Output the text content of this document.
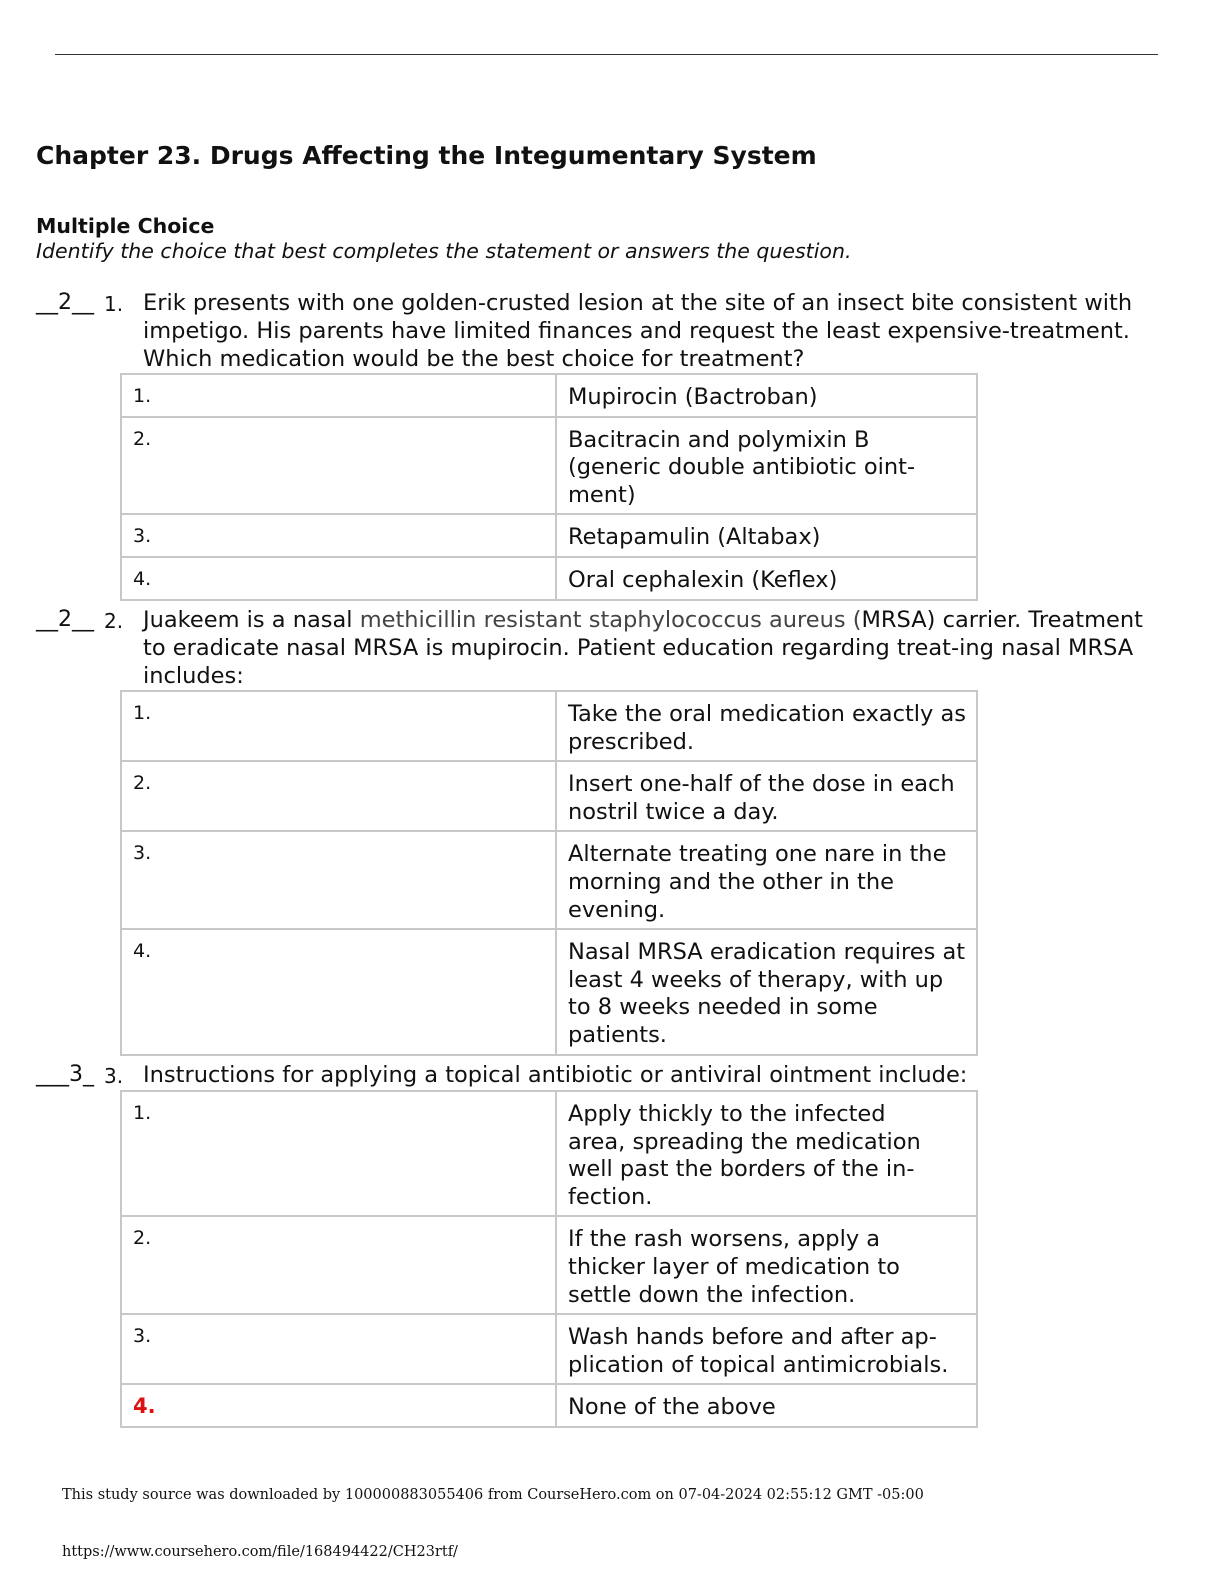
Chapter 23. Drugs Affecting the Integumentary System
Multiple Choice
Identify the choice that best completes the statement or answers the question.
__2__ 1. Erik presents with one golden-crusted lesion at the site of an insect bite consistent with impetigo. His parents have limited finances and request the least expensive-treatment. Which medication would be the best choice for treatment?
1.	Mupirocin (Bactroban)

2.	Bacitracin and polymixin B (generic double antibiotic oint-ment)

3.	Retapamulin (Altabax)

4.	Oral cephalexin (Keflex)
__2__ 2. Juakeem is a nasal methicillin resistant staphylococcus aureus (MRSA) carrier. Treatment to eradicate nasal MRSA is mupirocin. Patient education regarding treat-ing nasal MRSA includes:
1.	Take the oral medication exactly as prescribed.

2.	Insert one-half of the dose in each nostril twice a day.

3.	Alternate treating one nare in the morning and the other in the evening.

4.	Nasal MRSA eradication requires at least 4 weeks of therapy, with up to 8 weeks needed in some patients.
___3_ 3. Instructions for applying a topical antibiotic or antiviral ointment include:
1.	Apply thickly to the infected area, spreading the medication well past the borders of the in-fection.

2.	If the rash worsens, apply a thicker layer of medication to settle down the infection.

3.	Wash hands before and after ap-plication of topical antimicrobials.

4.	None of the above
This study source was downloaded by 100000883055406 from CourseHero.com on 07-04-2024 02:55:12 GMT -05:00
https://www.coursehero.com/file/168494422/CH23rtf/
